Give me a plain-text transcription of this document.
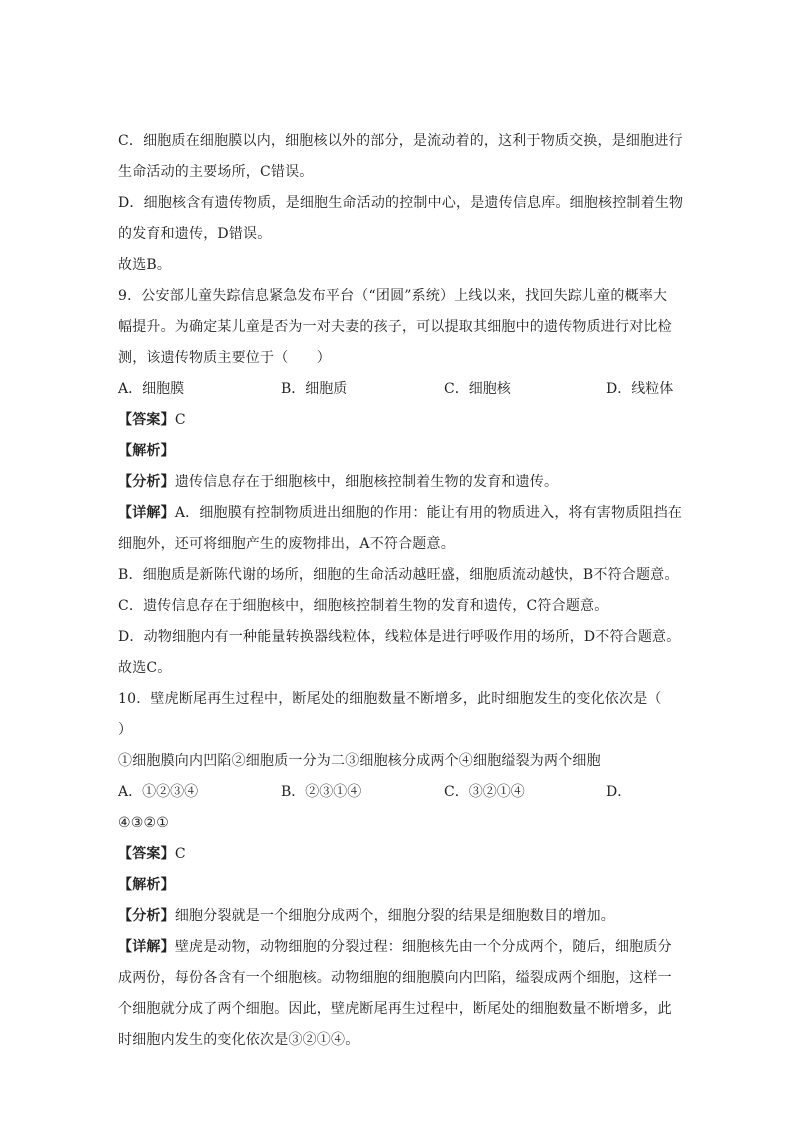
C．细胞质在细胞膜以内，细胞核以外的部分，是流动着的，这利于物质交换，是细胞进行
生命活动的主要场所，C错误。
D．细胞核含有遗传物质，是细胞生命活动的控制中心，是遗传信息库。细胞核控制着生物
的发育和遗传，D错误。
故选B。
9．公安部儿童失踪信息紧急发布平台（“团圆”系统）上线以来，找回失踪儿童的概率大
幅提升。为确定某儿童是否为一对夫妻的孩子，可以提取其细胞中的遗传物质进行对比检
测，该遗传物质主要位于（　　）
A．细胞膜	B．细胞质	C．细胞核	D．线粒体
【答案】C
【解析】
【分析】遗传信息存在于细胞核中，细胞核控制着生物的发育和遗传。
【详解】A．细胞膜有控制物质进出细胞的作用：能让有用的物质进入，将有害物质阻挡在
细胞外，还可将细胞产生的废物排出，A不符合题意。
B．细胞质是新陈代谢的场所，细胞的生命活动越旺盛，细胞质流动越快，B不符合题意。
C．遗传信息存在于细胞核中，细胞核控制着生物的发育和遗传，C符合题意。
D．动物细胞内有一种能量转换器线粒体，线粒体是进行呼吸作用的场所，D不符合题意。
故选C。
10．壁虎断尾再生过程中，断尾处的细胞数量不断增多，此时细胞发生的变化依次是（
）
①细胞膜向内凹陷②细胞质一分为二③细胞核分成两个④细胞缢裂为两个细胞
A．①②③④	B．②③①④	C．③②①④	D．
④③②①
【答案】C
【解析】
【分析】细胞分裂就是一个细胞分成两个，细胞分裂的结果是细胞数目的增加。
【详解】壁虎是动物，动物细胞的分裂过程：细胞核先由一个分成两个，随后，细胞质分
成两份，每份各含有一个细胞核。动物细胞的细胞膜向内凹陷，缢裂成两个细胞，这样一
个细胞就分成了两个细胞。因此，壁虎断尾再生过程中，断尾处的细胞数量不断增多，此
时细胞内发生的变化依次是③②①④。
